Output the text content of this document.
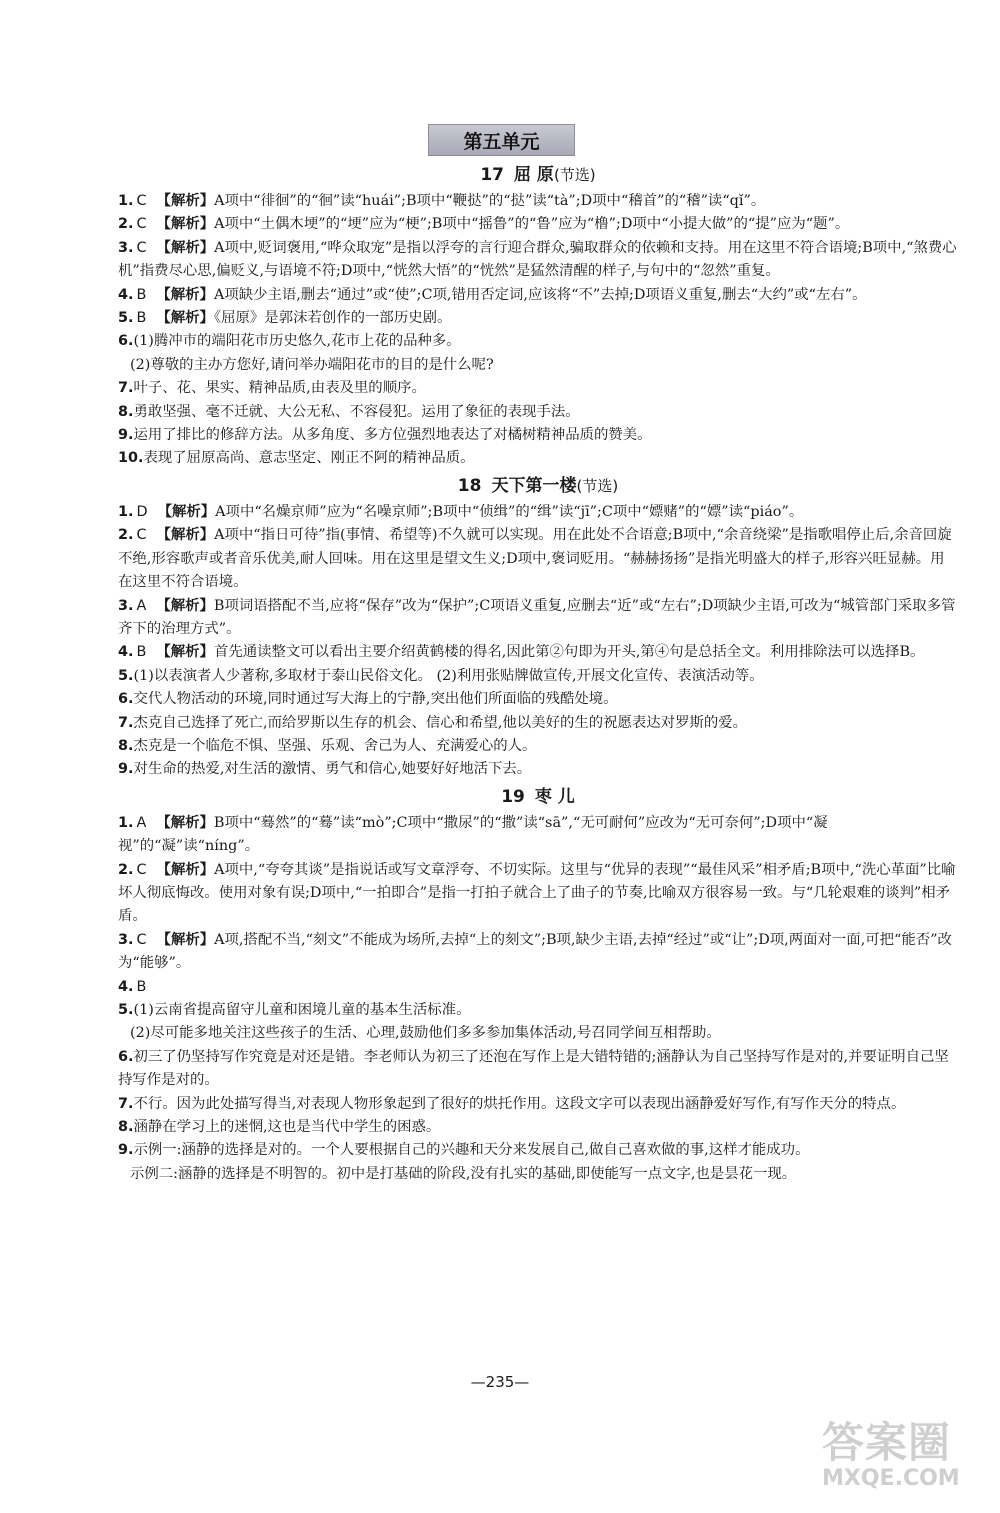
第五单元
17 屈 原(节选)
1. C 【解析】A项中“徘徊”的“徊”读“huái”;B项中“鞭挞”的“挞”读“tà”;D项中“稽首”的“稽”读“qǐ”。
2. C 【解析】A项中“土偶木埂”的“埂”应为“梗”;B项中“摇鲁”的“鲁”应为“橹”;D项中“小提大做”的“提”应为“题”。
3. C 【解析】A项中,贬词褒用,“哗众取宠”是指以浮夸的言行迎合群众,骗取群众的依赖和支持。用在这里不符合语境;B项中,“煞费心机”指费尽心思,偏贬义,与语境不符;D项中,“恍然大悟”的“恍然”是猛然清醒的样子,与句中的“忽然”重复。
4. B 【解析】A项缺少主语,删去“通过”或“使”;C项,错用否定词,应该将“不”去掉;D项语义重复,删去“大约”或“左右”。
5. B 【解析】《屈原》是郭沫若创作的一部历史剧。
6.(1)腾冲市的端阳花市历史悠久,花市上花的品种多。
(2)尊敬的主办方您好,请问举办端阳花市的目的是什么呢?
7.叶子、花、果实、精神品质,由表及里的顺序。
8.勇敢坚强、毫不迁就、大公无私、不容侵犯。运用了象征的表现手法。
9.运用了排比的修辞方法。从多角度、多方位强烈地表达了对橘树精神品质的赞美。
10.表现了屈原高尚、意志坚定、刚正不阿的精神品质。
18 天下第一楼(节选)
1. D 【解析】A项中“名燥京师”应为“名噪京师”;B项中“侦缉”的“缉”读“jī”;C项中“嫖赌”的“嫖”读“piáo”。
2. C 【解析】A项中“指日可待”指(事情、希望等)不久就可以实现。用在此处不合语意;B项中,“余音绕梁”是指歌唱停止后,余音回旋不绝,形容歌声或者音乐优美,耐人回味。用在这里是望文生义;D项中,褒词贬用。“赫赫扬扬”是指光明盛大的样子,形容兴旺显赫。用在这里不符合语境。
3. A 【解析】B项词语搭配不当,应将“保存”改为“保护”;C项语义重复,应删去“近”或“左右”;D项缺少主语,可改为“城管部门采取多管齐下的治理方式”。
4. B 【解析】首先通读整文可以看出主要介绍黄鹤楼的得名,因此第②句即为开头,第④句是总括全文。利用排除法可以选择B。
5.(1)以表演者人少著称,多取材于泰山民俗文化。 (2)利用张贴牌做宣传,开展文化宣传、表演活动等。
6.交代人物活动的环境,同时通过写大海上的宁静,突出他们所面临的残酷处境。
7.杰克自己选择了死亡,而给罗斯以生存的机会、信心和希望,他以美好的生的祝愿表达对罗斯的爱。
8.杰克是一个临危不惧、坚强、乐观、舍己为人、充满爱心的人。
9.对生命的热爱,对生活的激情、勇气和信心,她要好好地活下去。
19 枣 儿
1. A 【解析】B项中“蓦然”的“蓦”读“mò”;C项中“撒尿”的“撒”读“sā”,“无可耐何”应改为“无可奈何”;D项中“凝视”的“凝”读“níng”。
2. C 【解析】A项中,“夸夸其谈”是指说话或写文章浮夸、不切实际。这里与“优异的表现”“最佳风采”相矛盾;B项中,“洗心革面”比喻坏人彻底悔改。使用对象有误;D项中,“一拍即合”是指一打拍子就合上了曲子的节奏,比喻双方很容易一致。与“几轮艰难的谈判”相矛盾。
3. C 【解析】A项,搭配不当,“刻文”不能成为场所,去掉“上的刻文”;B项,缺少主语,去掉“经过”或“让”;D项,两面对一面,可把“能否”改为“能够”。
4. B
5.(1)云南省提高留守儿童和困境儿童的基本生活标准。
(2)尽可能多地关注这些孩子的生活、心理,鼓励他们多多参加集体活动,号召同学间互相帮助。
6.初三了仍坚持写作究竟是对还是错。李老师认为初三了还泡在写作上是大错特错的;涵静认为自己坚持写作是对的,并要证明自己坚持写作是对的。
7.不行。因为此处描写得当,对表现人物形象起到了很好的烘托作用。这段文字可以表现出涵静爱好写作,有写作天分的特点。
8.涵静在学习上的迷惘,这也是当代中学生的困惑。
9.示例一:涵静的选择是对的。一个人要根据自己的兴趣和天分来发展自己,做自己喜欢做的事,这样才能成功。
示例二:涵静的选择是不明智的。初中是打基础的阶段,没有扎实的基础,即使能写一点文字,也是昙花一现。
—235—
答案圈
MXQE.COM
